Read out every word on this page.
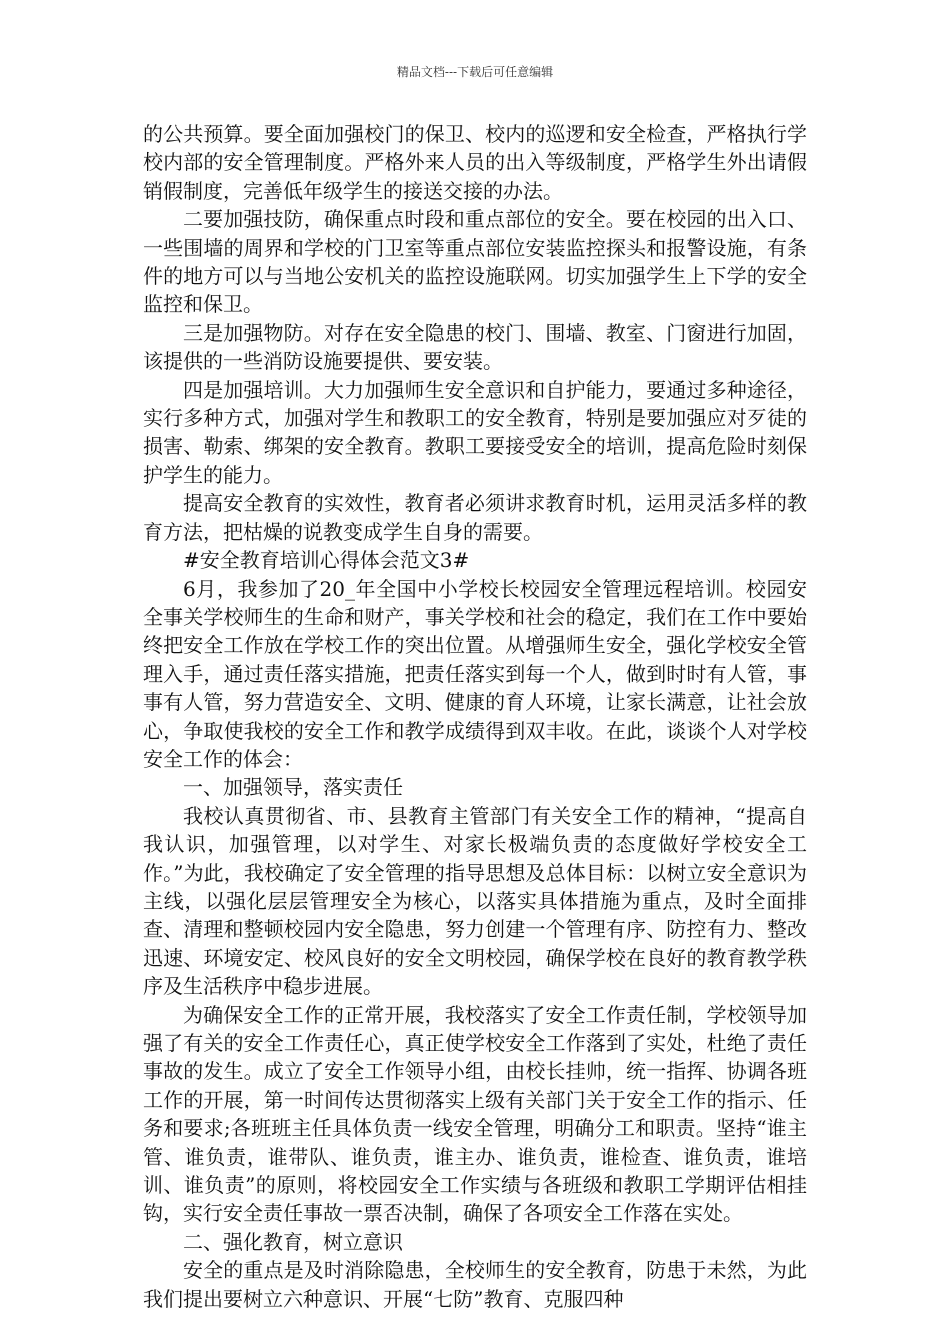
精品文档---下载后可任意编辑

的公共预算。要全面加强校门的保卫、校内的巡逻和安全检查，严格执行学校内部的安全管理制度。严格外来人员的出入等级制度，严格学生外出请假销假制度，完善低年级学生的接送交接的办法。

二要加强技防，确保重点时段和重点部位的安全。要在校园的出入口、一些围墙的周界和学校的门卫室等重点部位安装监控探头和报警设施，有条件的地方可以与当地公安机关的监控设施联网。切实加强学生上下学的安全监控和保卫。

三是加强物防。对存在安全隐患的校门、围墙、教室、门窗进行加固，该提供的一些消防设施要提供、要安装。

四是加强培训。大力加强师生安全意识和自护能力，要通过多种途径，实行多种方式，加强对学生和教职工的安全教育，特别是要加强应对歹徒的损害、勒索、绑架的安全教育。教职工要接受安全的培训，提高危险时刻保护学生的能力。

提高安全教育的实效性，教育者必须讲求教育时机，运用灵活多样的教育方法，把枯燥的说教变成学生自身的需要。

#安全教育培训心得体会范文3#

6月，我参加了20_年全国中小学校长校园安全管理远程培训。校园安全事关学校师生的生命和财产，事关学校和社会的稳定，我们在工作中要始终把安全工作放在学校工作的突出位置。从增强师生安全，强化学校安全管理入手，通过责任落实措施，把责任落实到每一个人，做到时时有人管，事事有人管，努力营造安全、文明、健康的育人环境，让家长满意，让社会放心，争取使我校的安全工作和教学成绩得到双丰收。在此，谈谈个人对学校安全工作的体会：

一、加强领导，落实责任

我校认真贯彻省、市、县教育主管部门有关安全工作的精神，“提高自我认识，加强管理，以对学生、对家长极端负责的态度做好学校安全工作。”为此，我校确定了安全管理的指导思想及总体目标：以树立安全意识为主线，以强化层层管理安全为核心，以落实具体措施为重点，及时全面排查、清理和整顿校园内安全隐患，努力创建一个管理有序、防控有力、整改迅速、环境安定、校风良好的安全文明校园，确保学校在良好的教育教学秩序及生活秩序中稳步进展。

为确保安全工作的正常开展，我校落实了安全工作责任制，学校领导加强了有关的安全工作责任心，真正使学校安全工作落到了实处，杜绝了责任事故的发生。成立了安全工作领导小组，由校长挂帅，统一指挥、协调各班工作的开展，第一时间传达贯彻落实上级有关部门关于安全工作的指示、任务和要求;各班班主任具体负责一线安全管理，明确分工和职责。坚持“谁主管、谁负责，谁带队、谁负责，谁主办、谁负责，谁检查、谁负责，谁培训、谁负责”的原则，将校园安全工作实绩与各班级和教职工学期评估相挂钩，实行安全责任事故一票否决制，确保了各项安全工作落在实处。

二、强化教育，树立意识

安全的重点是及时消除隐患，全校师生的安全教育，防患于未然，为此我们提出要树立六种意识、开展“七防”教育、克服四种
